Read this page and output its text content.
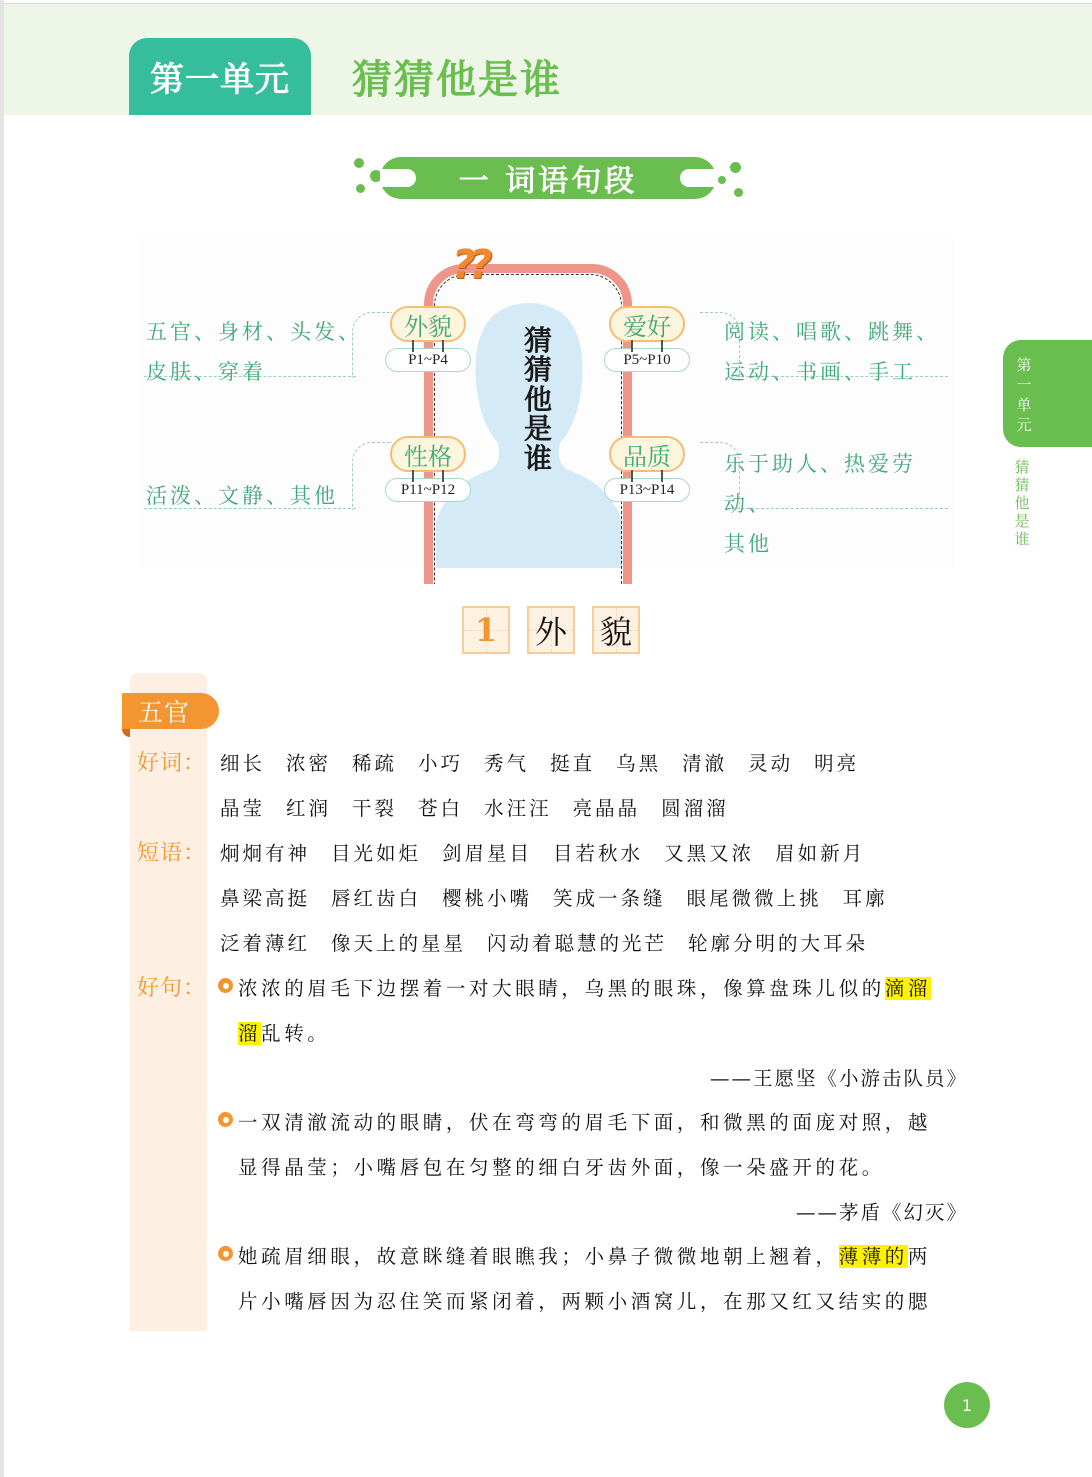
第一单元	猜猜他是谁
一 词语句段
??
猜
猜
他
是
谁
外貌
P1~P4
爱好
P5~P10
性格
P11~P12
品质
P13~P14
五官、身材、头发、
皮肤、穿着
阅读、唱歌、跳舞、
运动、书画、手工
活泼、文静、其他
乐于助人、热爱劳动、
其他
第
一
单
元
猜
猜
他
是
谁
1 外 貌
五官
好词： 细长 浓密 稀疏 小巧 秀气 挺直 乌黑 清澈 灵动 明亮
晶莹 红润 干裂 苍白 水汪汪 亮晶晶 圆溜溜
短语： 炯炯有神 目光如炬 剑眉星目 目若秋水 又黑又浓 眉如新月
鼻梁高挺 唇红齿白 樱桃小嘴 笑成一条缝 眼尾微微上挑 耳廓
泛着薄红 像天上的星星 闪动着聪慧的光芒 轮廓分明的大耳朵
好句： 浓浓的眉毛下边摆着一对大眼睛，乌黑的眼珠，像算盘珠儿似的滴溜
溜乱转。
——王愿坚《小游击队员》
一双清澈流动的眼睛，伏在弯弯的眉毛下面，和微黑的面庞对照，越
显得晶莹；小嘴唇包在匀整的细白牙齿外面，像一朵盛开的花。
——茅盾《幻灭》
她疏眉细眼，故意眯缝着眼瞧我；小鼻子微微地朝上翘着，薄薄的两
片小嘴唇因为忍住笑而紧闭着，两颗小酒窝儿，在那又红又结实的腮
1
